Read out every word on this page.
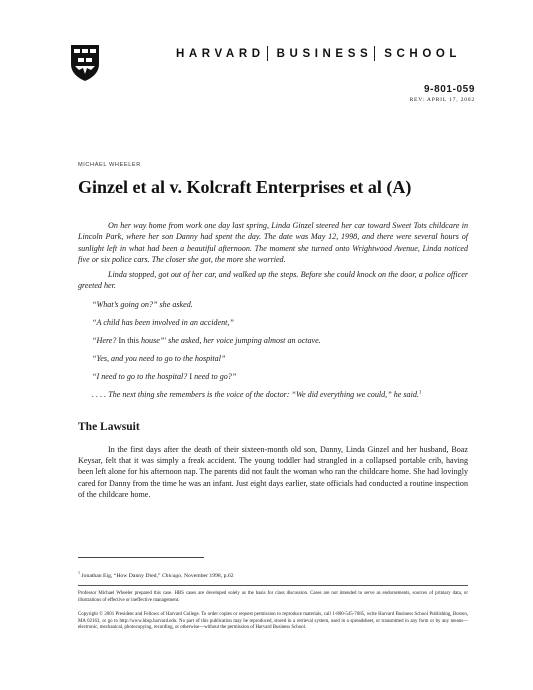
HARVARD BUSINESS SCHOOL
9-801-059
REV: APRIL 17, 2002
MICHAEL WHEELER
Ginzel et al v. Kolcraft Enterprises et al (A)

On her way home from work one day last spring, Linda Ginzel steered her car toward Sweet Tots childcare in Lincoln Park, where her son Danny had spent the day. The date was May 12, 1998, and there were several hours of sunlight left in what had been a beautiful afternoon. The moment she turned onto Wrightwood Avenue, Linda noticed five or six police cars. The closer she got, the more she worried.

Linda stopped, got out of her car, and walked up the steps. Before she could knock on the door, a police officer greeted her.

“What’s going on?” she asked.
“A child has been involved in an accident,”
“Here? In this house”' she asked, her voice jumping almost an octave.
“Yes, and you need to go to the hospital”
“I need to go to the hospital? I need to go?”
. . . . The next thing she remembers is the voice of the doctor: “We did everything we could,” he said.$^1$
The Lawsuit

In the first days after the death of their sixteen-month old son, Danny, Linda Ginzel and her husband, Boaz Keysar, felt that it was simply a freak accident. The young toddler had strangled in a collapsed portable crib, having been left alone for his afternoon nap. The parents did not fault the woman who ran the childcare home. She had lovingly cared for Danny from the time he was an infant. Just eight days earlier, state officials had conducted a routine inspection of the childcare home.

$^1$ Jonathan Eig, “How Danny Died,” Chicago, November 1998, p.62

Professor Michael Wheeler prepared this case. HBS cases are developed solely as the basis for class discussion. Cases are not intended to serve as endorsements, sources of primary data, or illustrations of effective or ineffective management.

Copyright © 2001 President and Fellows of Harvard College. To order copies or request permission to reproduce materials, call 1-800-545-7685, write Harvard Business School Publishing, Boston, MA 02163, or go to http://www.hbsp.harvard.edu. No part of this publication may be reproduced, stored in a retrieval system, used in a spreadsheet, or transmitted in any form or by any means—electronic, mechanical, photocopying, recording, or otherwise—without the permission of Harvard Business School.
